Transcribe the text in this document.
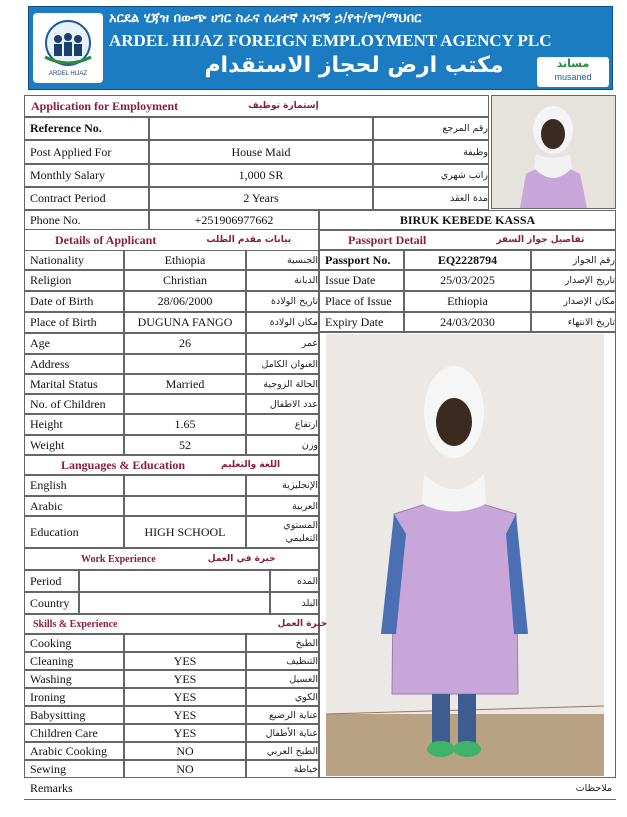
ARDEL HIJAZ
አርደል ሂጃዝ በውጭ ሀገር ስራና ሰራተኛ አገናኝ ኃ/የተ/የግ/ማህበር
ARDEL HIJAZ FOREIGN EMPLOYMENT AGENCY PLC
مكتب ارض لحجاز الاستقدام	مساند
musaned
Application for Employment	إستمارة توظيف
Reference No.	رقم المرجع
Post Applied For	House Maid	وظيفة
Monthly Salary	1,000 SR	راتب شهري
Contract Period	2 Years	مدة العقد
Phone No.	+251906977662	BIRUK KEBEDE KASSA
Details of Applicant	بيانات مقدم الطلب	Passport Detail	تفاصيل جواز السفر
Nationality	Ethiopia	الجنسية
Religion	Christian	الديانة
Date of Birth	28/06/2000	تاريخ الولادة
Place of Birth	DUGUNA FANGO	مكان الولادة
Age	26	عمر
Address	العنوان الكامل
Marital Status	Married	الحالة الزوجية
No. of Children	عدد الاطفال
Height	1.65	ارتفاع
Weight	52	وزن
Passport No.	EQ2228794	رقم الجواز
Issue Date	25/03/2025	تاريخ الإصدار
Place of Issue	Ethiopia	مكان الإصدار
Expiry Date	24/03/2030	تاريخ الانتهاء
Languages & Education	اللغة والتعليم
English	الإنجليزية
Arabic	العربية
Education	HIGH SCHOOL	المستوي التعليمي
Work Experience	خبرة في العمل
Period	المده
Country	البلد
Skills & Experience	خبرة العمل
Cooking	الطبخ
Cleaning	YES	التنظيف
Washing	YES	الغسيل
Ironing	YES	الكوي
Babysitting	YES	عناية الرضيع
Children Care	YES	عناية الأطفال
Arabic Cooking	NO	الطبخ العربي
Sewing	NO	خياطة
Remarks	ملاحظات
